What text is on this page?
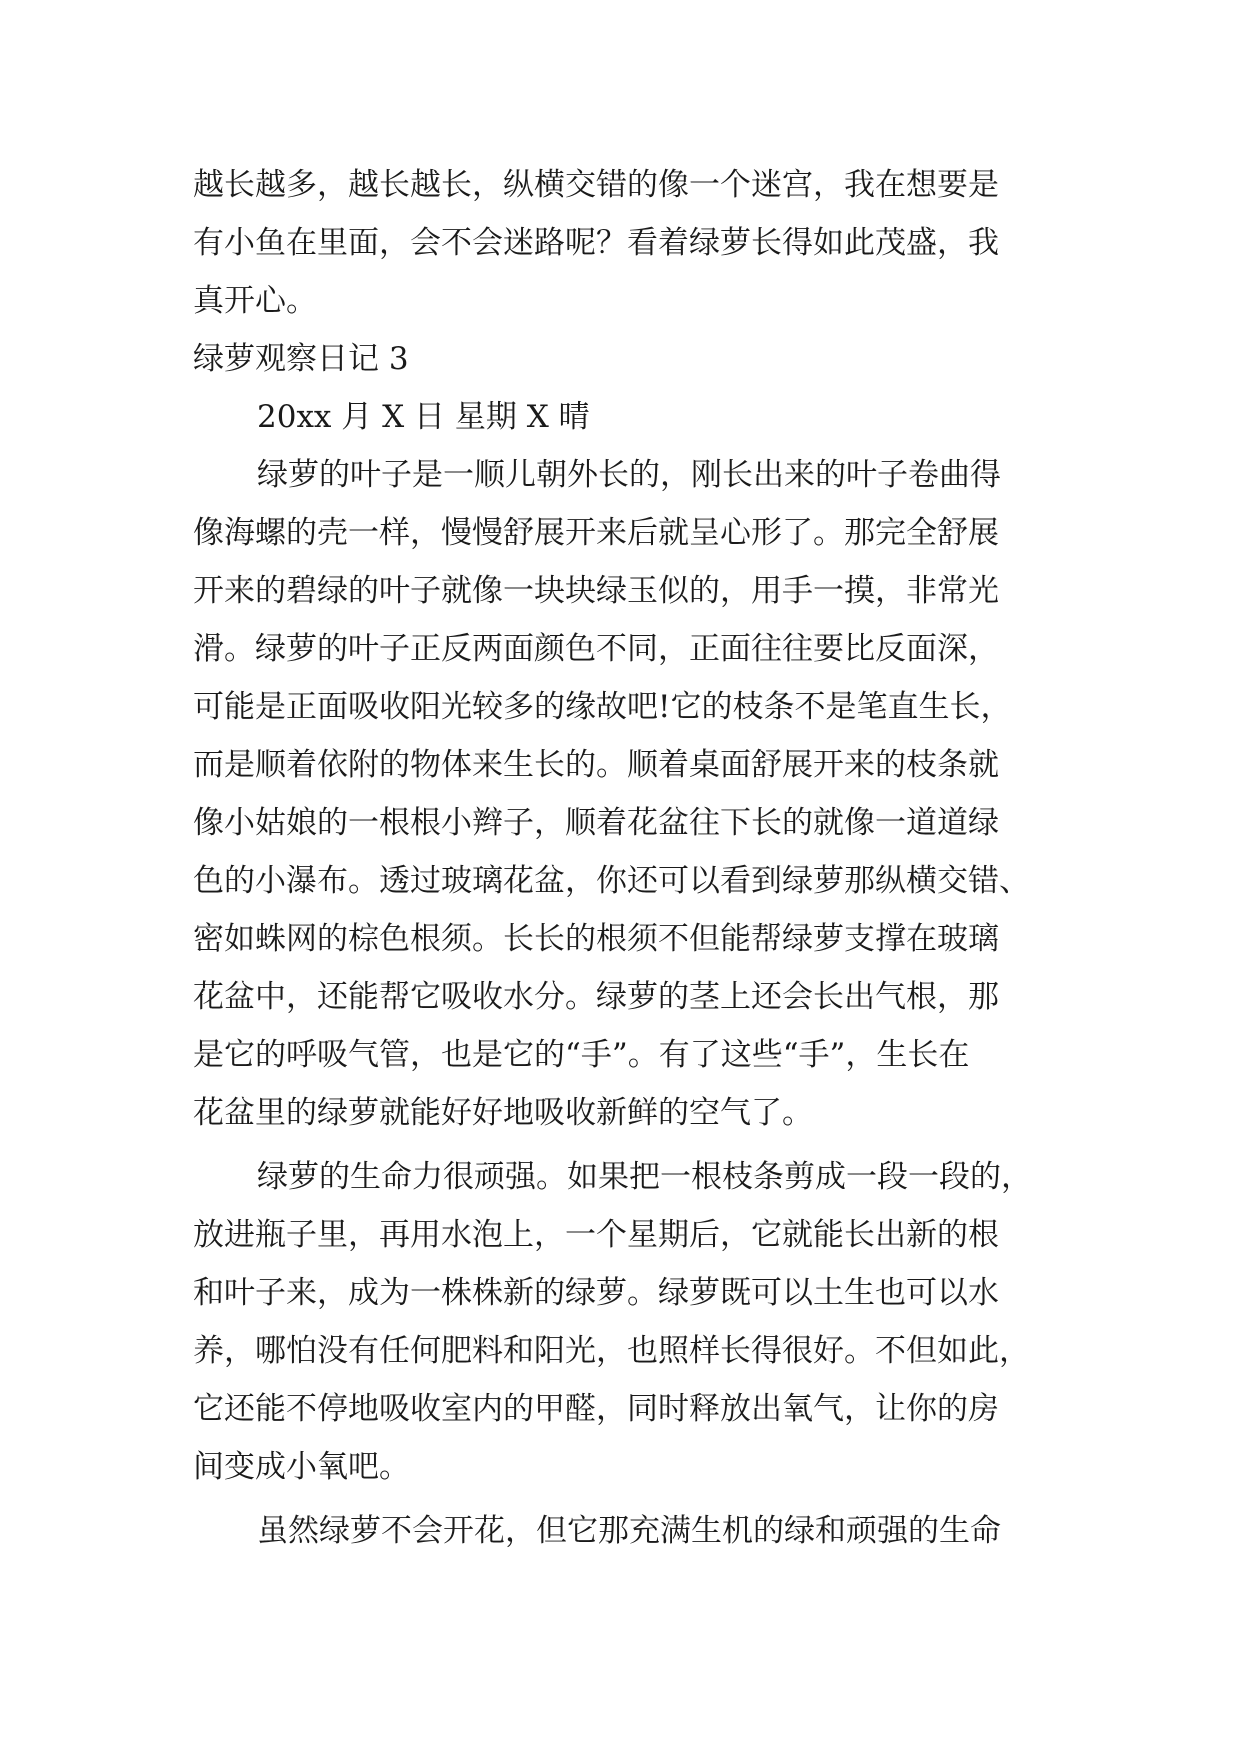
越长越多，越长越长，纵横交错的像一个迷宫，我在想要是

有小鱼在里面，会不会迷路呢？看着绿萝长得如此茂盛，我

真开心。

绿萝观察日记 3

20xx 月 X 日 星期 X 晴

绿萝的叶子是一顺儿朝外长的，刚长出来的叶子卷曲得

像海螺的壳一样，慢慢舒展开来后就呈心形了。那完全舒展

开来的碧绿的叶子就像一块块绿玉似的，用手一摸，非常光

滑。绿萝的叶子正反两面颜色不同，正面往往要比反面深，

可能是正面吸收阳光较多的缘故吧!它的枝条不是笔直生长，

而是顺着依附的物体来生长的。顺着桌面舒展开来的枝条就

像小姑娘的一根根小辫子，顺着花盆往下长的就像一道道绿

色的小瀑布。透过玻璃花盆，你还可以看到绿萝那纵横交错、

密如蛛网的棕色根须。长长的根须不但能帮绿萝支撑在玻璃

花盆中，还能帮它吸收水分。绿萝的茎上还会长出气根，那

是它的呼吸气管，也是它的“手”。有了这些“手”，生长在

花盆里的绿萝就能好好地吸收新鲜的空气了。

绿萝的生命力很顽强。如果把一根枝条剪成一段一段的，

放进瓶子里，再用水泡上，一个星期后，它就能长出新的根

和叶子来，成为一株株新的绿萝。绿萝既可以土生也可以水

养，哪怕没有任何肥料和阳光，也照样长得很好。不但如此，

它还能不停地吸收室内的甲醛，同时释放出氧气，让你的房

间变成小氧吧。

虽然绿萝不会开花，但它那充满生机的绿和顽强的生命
